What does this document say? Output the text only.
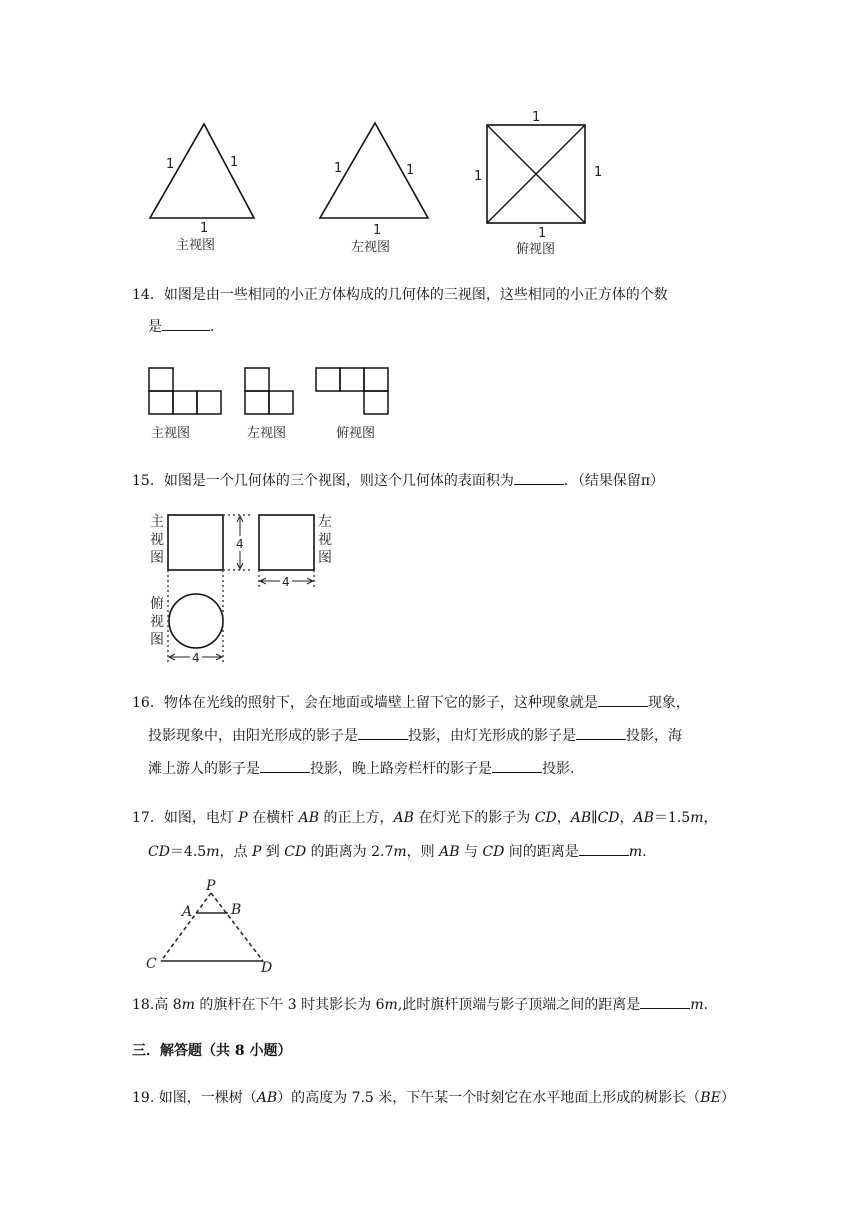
1	1
1
主视图
1	1
1
左视图
1
1	1
1
俯视图
14．如图是由一些相同的小正方体构成的几何体的三视图，这些相同的小正方体的个数
是	．
主视图	左视图	俯视图
15．如图是一个几何体的三个视图，则这个几何体的表面积为	．（结果保留π）
4
4
4
主视图
左视图
俯视图
16．物体在光线的照射下，会在地面或墙壁上留下它的影子，这种现象就是	现象，
投影现象中，由阳光形成的影子是	投影，由灯光形成的影子是	投影，海
滩上游人的影子是	投影，晚上路旁栏杆的影子是	投影.
17．如图，电灯 P 在横杆 AB 的正上方，AB 在灯光下的影子为 CD，AB∥CD，AB＝1.5m，
CD＝4.5m，点 P 到 CD 的距离为 2.7m，则 AB 与 CD 间的距离是	m.
P
A	B
C	D
18.高 8m 的旗杆在下午 3 时其影长为 6m,此时旗杆顶端与影子顶端之间的距离是	m.
三．解答题（共 8 小题）
19. 如图，一棵树（AB）的高度为 7.5 米，下午某一个时刻它在水平地面上形成的树影长（BE）
